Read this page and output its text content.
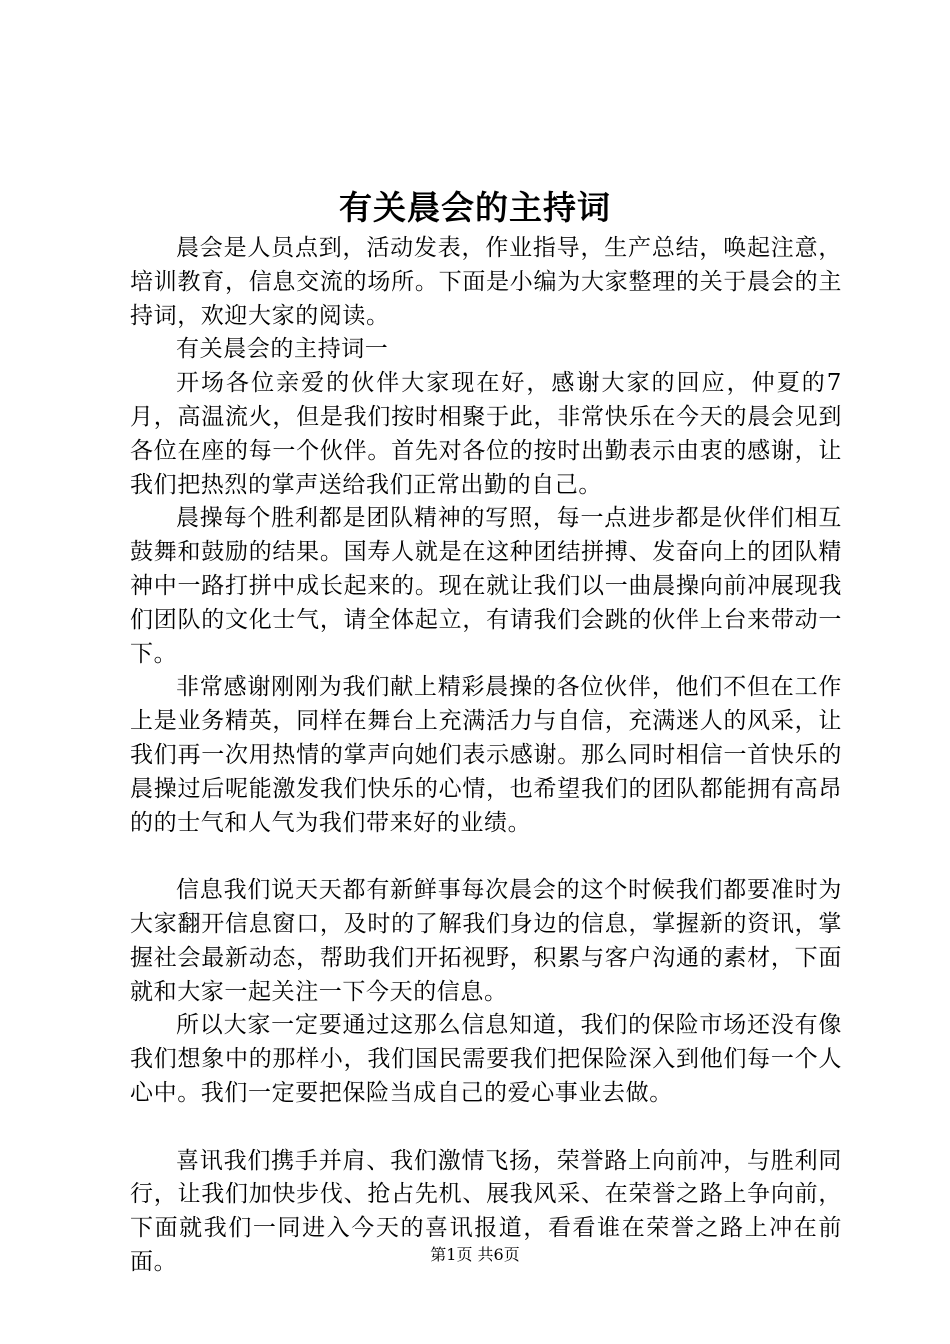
有关晨会的主持词

晨会是人员点到，活动发表，作业指导，生产总结，唤起注意，培训教育，信息交流的场所。下面是小编为大家整理的关于晨会的主持词，欢迎大家的阅读。

有关晨会的主持词一

开场各位亲爱的伙伴大家现在好，感谢大家的回应，仲夏的7月，高温流火，但是我们按时相聚于此，非常快乐在今天的晨会见到各位在座的每一个伙伴。首先对各位的按时出勤表示由衷的感谢，让我们把热烈的掌声送给我们正常出勤的自己。

晨操每个胜利都是团队精神的写照，每一点进步都是伙伴们相互鼓舞和鼓励的结果。国寿人就是在这种团结拼搏、发奋向上的团队精神中一路打拼中成长起来的。现在就让我们以一曲晨操向前冲展现我们团队的文化士气，请全体起立，有请我们会跳的伙伴上台来带动一下。

非常感谢刚刚为我们献上精彩晨操的各位伙伴，他们不但在工作上是业务精英，同样在舞台上充满活力与自信，充满迷人的风采，让我们再一次用热情的掌声向她们表示感谢。那么同时相信一首快乐的晨操过后呢能激发我们快乐的心情，也希望我们的团队都能拥有高昂的的士气和人气为我们带来好的业绩。

信息我们说天天都有新鲜事每次晨会的这个时候我们都要准时为大家翻开信息窗口，及时的了解我们身边的信息，掌握新的资讯，掌握社会最新动态，帮助我们开拓视野，积累与客户沟通的素材，下面就和大家一起关注一下今天的信息。

所以大家一定要通过这那么信息知道，我们的保险市场还没有像我们想象中的那样小，我们国民需要我们把保险深入到他们每一个人心中。我们一定要把保险当成自己的爱心事业去做。

喜讯我们携手并肩、我们激情飞扬，荣誉路上向前冲，与胜利同行，让我们加快步伐、抢占先机、展我风采、在荣誉之路上争向前，下面就我们一同进入今天的喜讯报道，看看谁在荣誉之路上冲在前面。	第1页 共6页
